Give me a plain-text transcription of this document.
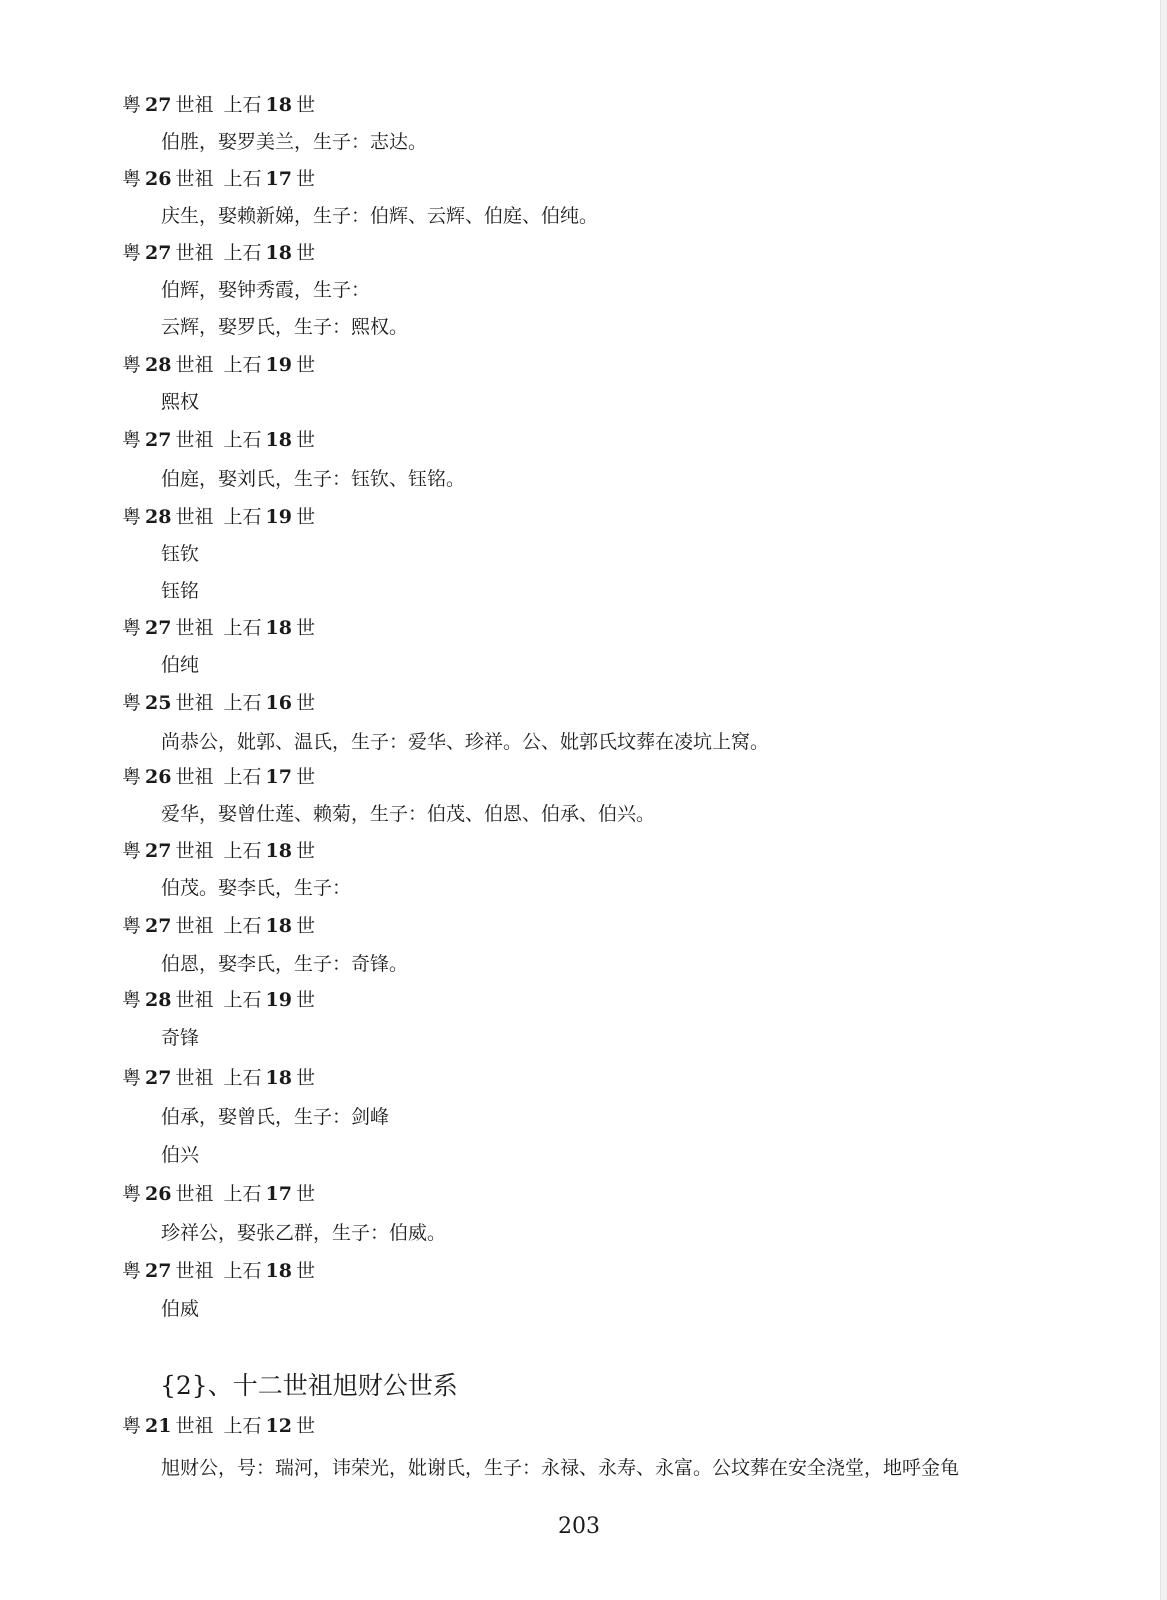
粤 27 世祖 上石 18 世
伯胜，娶罗美兰，生子：志达。
粤 26 世祖 上石 17 世
庆生，娶赖新娣，生子：伯辉、云辉、伯庭、伯纯。
粤 27 世祖 上石 18 世
伯辉，娶钟秀霞，生子：
云辉，娶罗氏，生子：熙权。
粤 28 世祖 上石 19 世
熙权
粤 27 世祖 上石 18 世
伯庭，娶刘氏，生子：钰钦、钰铭。
粤 28 世祖 上石 19 世
钰钦
钰铭
粤 27 世祖 上石 18 世
伯纯
粤 25 世祖 上石 16 世
尚恭公，妣郭、温氏，生子：爱华、珍祥。公、妣郭氏坟葬在凌坑上窝。
粤 26 世祖 上石 17 世
爱华，娶曾仕莲、赖菊，生子：伯茂、伯恩、伯承、伯兴。
粤 27 世祖 上石 18 世
伯茂。娶李氏，生子：
粤 27 世祖 上石 18 世
伯恩，娶李氏，生子：奇锋。
粤 28 世祖 上石 19 世
奇锋
粤 27 世祖 上石 18 世
伯承，娶曾氏，生子：剑峰
伯兴
粤 26 世祖 上石 17 世
珍祥公，娶张乙群，生子：伯威。
粤 27 世祖 上石 18 世
伯威
{2}、十二世祖旭财公世系
粤 21 世祖 上石 12 世
旭财公，号：瑞河，讳荣光，妣谢氏，生子：永禄、永寿、永富。公坟葬在安全浇堂，地呼金龟
203
